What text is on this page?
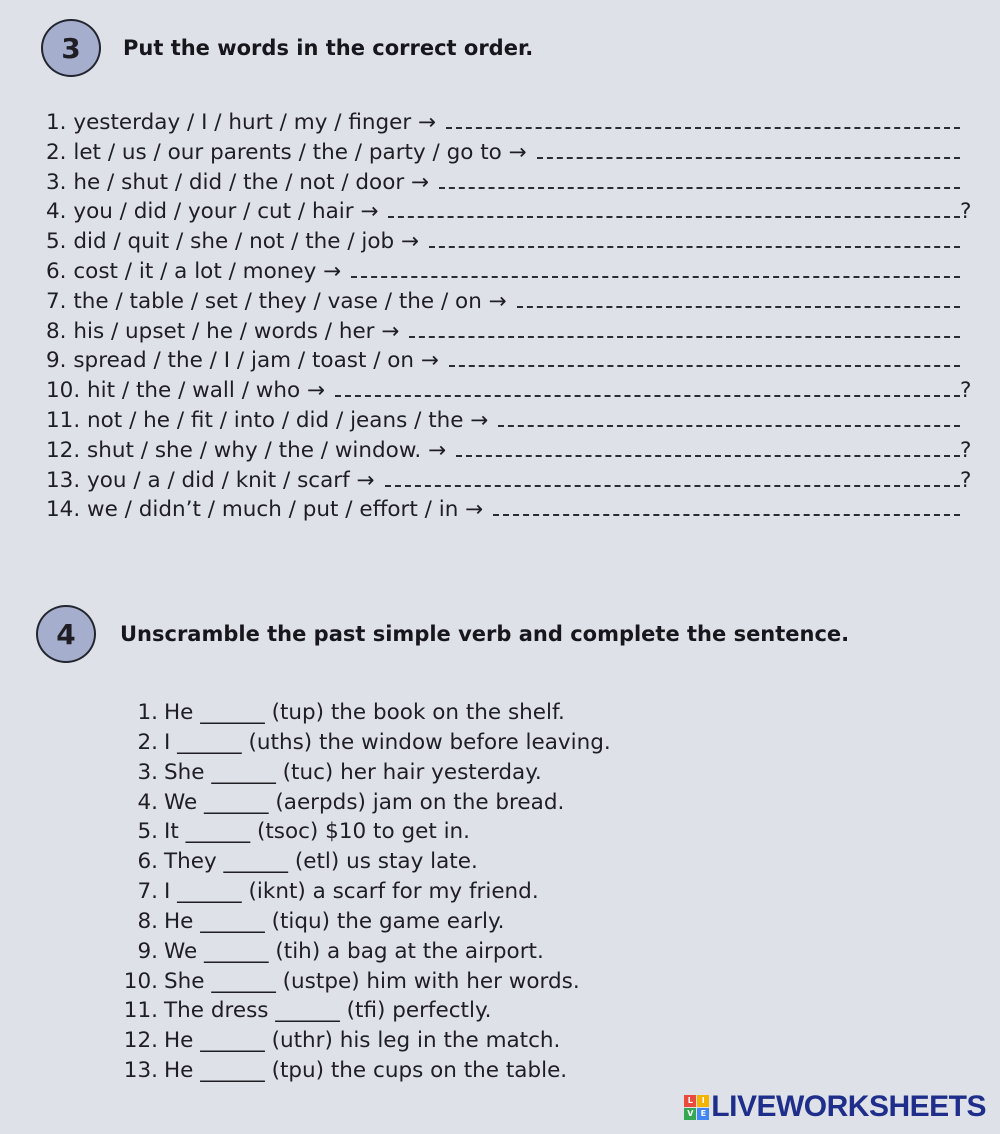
3	Put the words in the correct order.
1. yesterday / I / hurt / my / finger →
2. let / us / our parents / the / party / go to →
3. he / shut / did / the / not / door →
4. you / did / your / cut / hair →	?
5. did / quit / she / not / the / job →
6. cost / it / a lot / money →
7. the / table / set / they / vase / the / on →
8. his / upset / he / words / her →
9. spread / the / I / jam / toast / on →
10. hit / the / wall / who →	?
11. not / he / fit / into / did / jeans / the →
12. shut / she / why / the / window. →	?
13. you / a / did / knit / scarf →	?
14. we / didn’t / much / put / effort / in →
4	Unscramble the past simple verb and complete the sentence.
1. He ______ (tup) the book on the shelf.
2. I ______ (uths) the window before leaving.
3. She ______ (tuc) her hair yesterday.
4. We ______ (aerpds) jam on the bread.
5. It ______ (tsoc) $10 to get in.
6. They ______ (etl) us stay late.
7. I ______ (iknt) a scarf for my friend.
8. He ______ (tiqu) the game early.
9. We ______ (tih) a bag at the airport.
10. She ______ (ustpe) him with her words.
11. The dress ______ (tfi) perfectly.
12. He ______ (uthr) his leg in the match.
13. He ______ (tpu) the cups on the table.
L	I
V E LIVEWORKSHEETS
